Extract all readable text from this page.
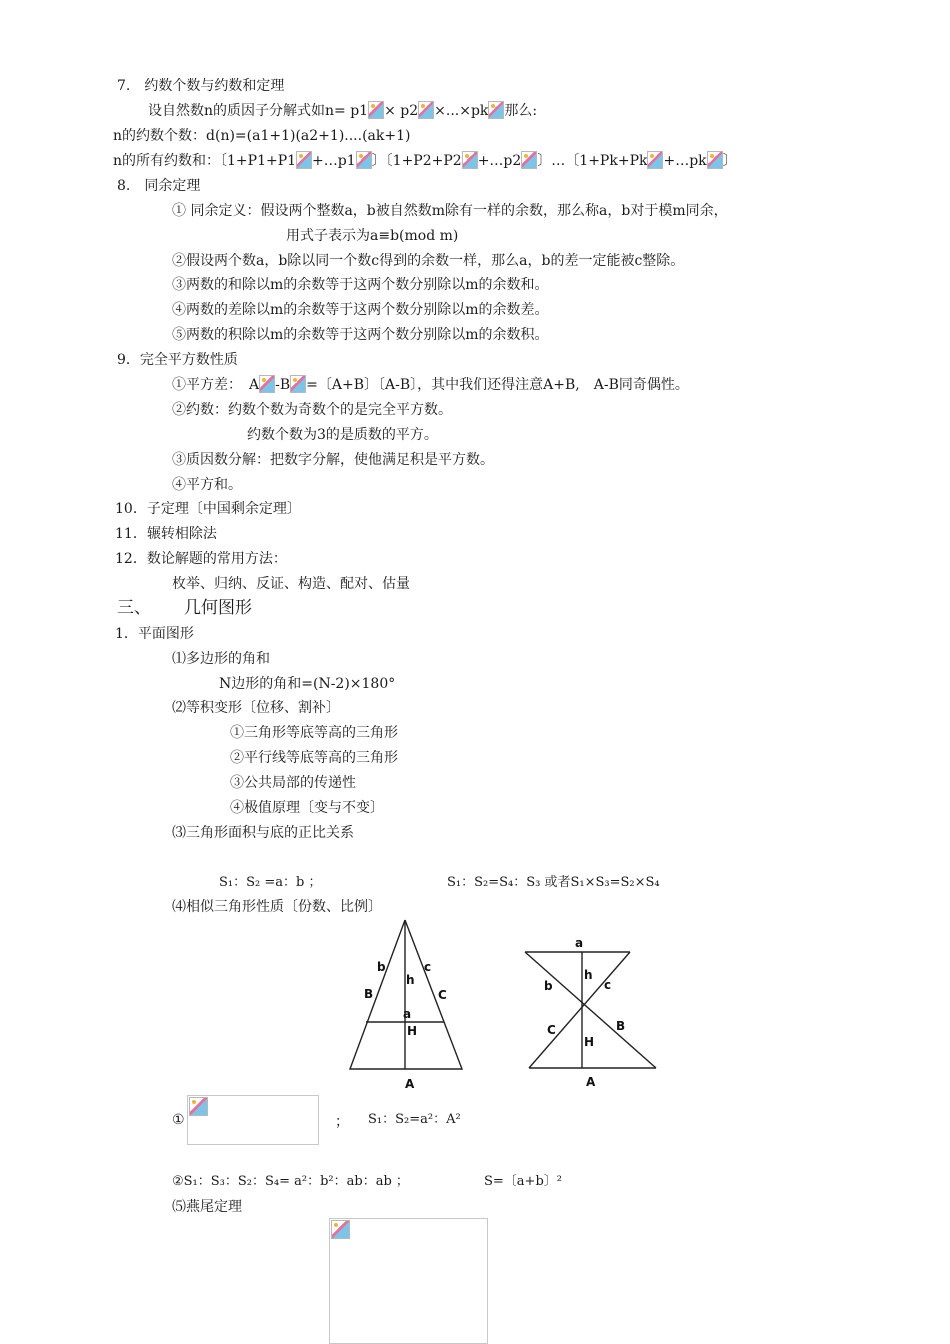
7.　约数个数与约数和定理
设自然数n的质因子分解式如n= p1 × p2 ×...×pk 那么:
n的约数个数：d(n)=(a1+1)(a2+1)....(ak+1)
n的所有约数和：〔1+P1+P1 +…p1 〕〔1+P2+P2 +…p2 〕…〔1+Pk+Pk +…pk 〕
8.　同余定理
① 同余定义：假设两个整数a，b被自然数m除有一样的余数，那么称a，b对于模m同余，
用式子表示为a≡b(mod m)
②假设两个数a，b除以同一个数c得到的余数一样，那么a，b的差一定能被c整除。
③两数的和除以m的余数等于这两个数分别除以m的余数和。
④两数的差除以m的余数等于这两个数分别除以m的余数差。
⑤两数的积除以m的余数等于这两个数分别除以m的余数积。
9．完全平方数性质
①平方差：　A -B =〔A+B〕〔A-B〕，其中我们还得注意A+B,　A-B同奇偶性。
②约数：约数个数为奇数个的是完全平方数。
约数个数为3的是质数的平方。
③质因数分解：把数字分解，使他满足积是平方数。
④平方和。
10．子定理〔中国剩余定理〕
11．辗转相除法
12．数论解题的常用方法：
枚举、归纳、反证、构造、配对、估量
三、 几何图形
1．平面图形
⑴多边形的角和
N边形的角和=(N-2)×180°
⑵等积变形〔位移、割补〕
①三角形等底等高的三角形
②平行线等底等高的三角形
③公共局部的传递性
④极值原理〔变与不变〕
⑶三角形面积与底的正比关系
S₁：S₂ =a：b ；	S₁：S₂=S₄：S₃ 或者S₁×S₃=S₂×S₄
⑷相似三角形性质〔份数、比例〕
b	c
h
B	C
a
H
A
a
h
b	c
C	B
H
A
①	； S₁：S₂=a²：A²
②S₁：S₃：S₂：S₄= a²：b²：ab：ab ；	S=〔a+b〕²
⑸燕尾定理
